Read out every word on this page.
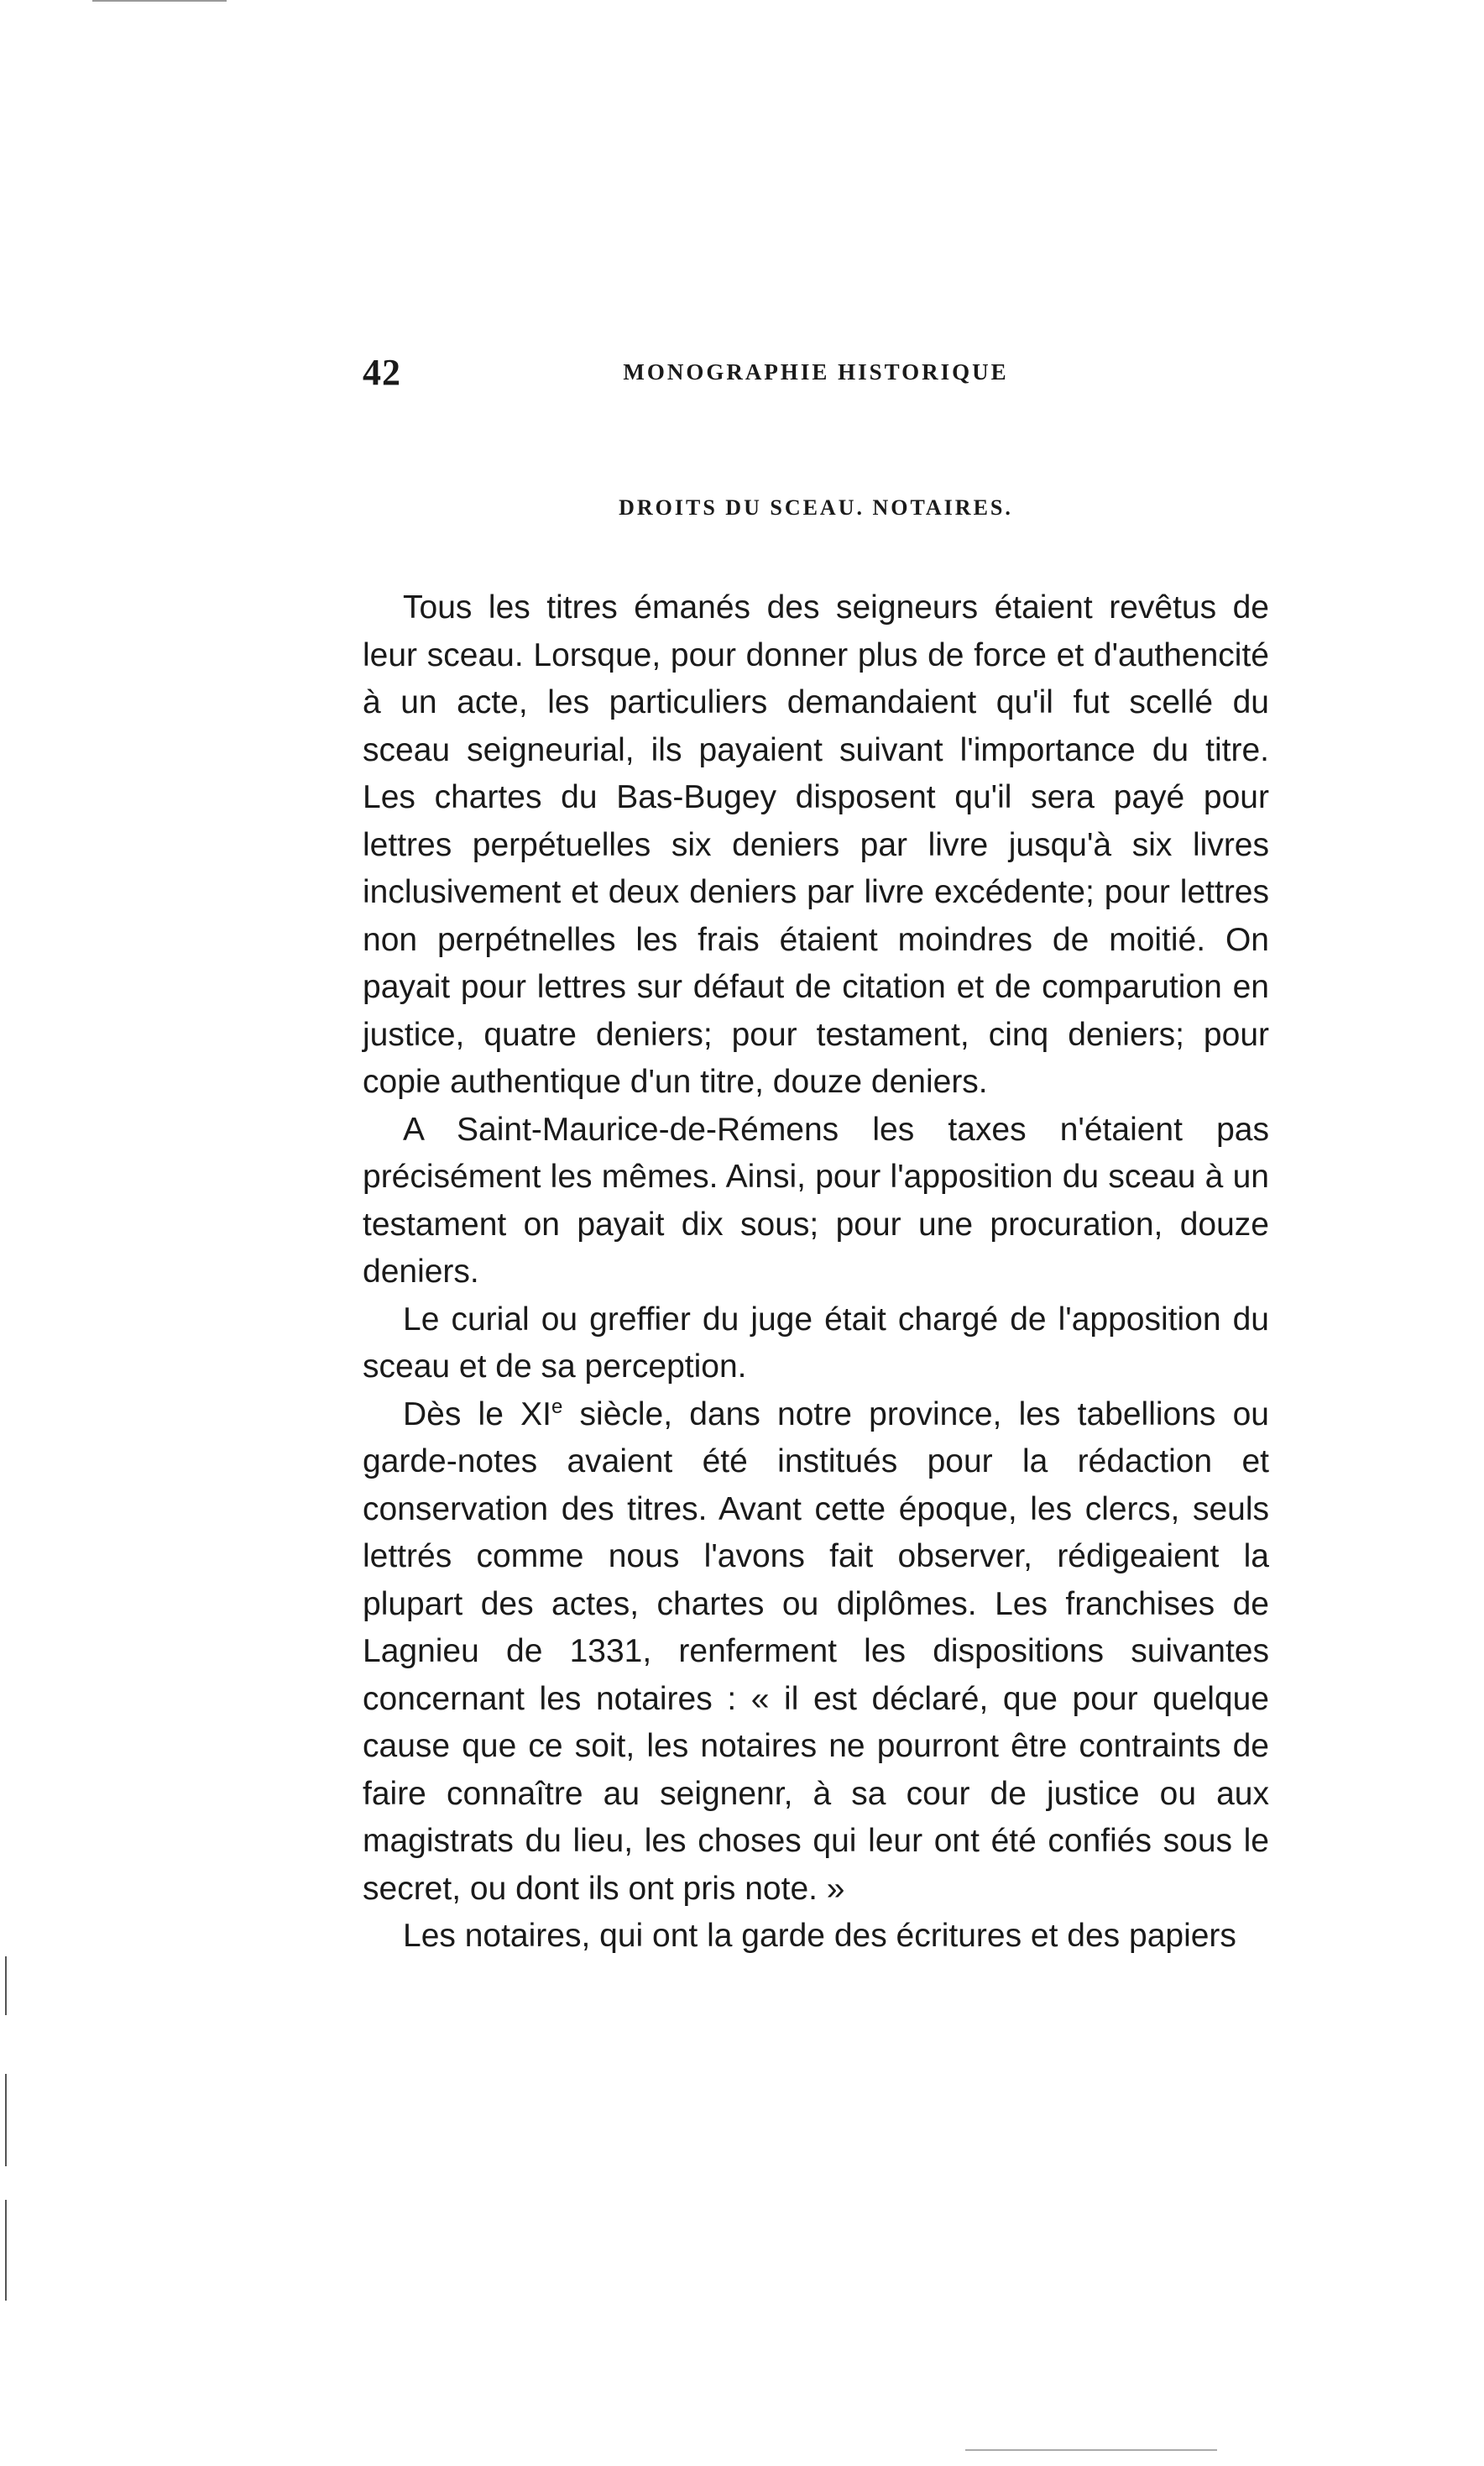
42	MONOGRAPHIE HISTORIQUE
DROITS DU SCEAU. NOTAIRES.

Tous les titres émanés des seigneurs étaient revêtus de leur sceau. Lorsque, pour donner plus de force et d'authencité à un acte, les particuliers demandaient qu'il fut scellé du sceau seigneurial, ils payaient suivant l'importance du titre. Les chartes du Bas-Bugey disposent qu'il sera payé pour lettres perpétuelles six deniers par livre jusqu'à six livres inclusivement et deux deniers par livre excédente; pour lettres non perpétnelles les frais étaient moindres de moitié. On payait pour lettres sur défaut de citation et de comparution en justice, quatre deniers; pour testament, cinq deniers; pour copie authentique d'un titre, douze deniers.

A Saint-Maurice-de-Rémens les taxes n'étaient pas précisément les mêmes. Ainsi, pour l'apposition du sceau à un testament on payait dix sous; pour une procuration, douze deniers.

Le curial ou greffier du juge était chargé de l'apposition du sceau et de sa perception.

Dès le XIe siècle, dans notre province, les tabellions ou garde-notes avaient été institués pour la rédaction et conservation des titres. Avant cette époque, les clercs, seuls lettrés comme nous l'avons fait observer, rédigeaient la plupart des actes, chartes ou diplômes. Les franchises de Lagnieu de 1331, renferment les dispositions suivantes concernant les notaires : « il est déclaré, que pour quelque cause que ce soit, les notaires ne pourront être contraints de faire connaître au seignenr, à sa cour de justice ou aux magistrats du lieu, les choses qui leur ont été confiés sous le secret, ou dont ils ont pris note. »

Les notaires, qui ont la garde des écritures et des papiers
